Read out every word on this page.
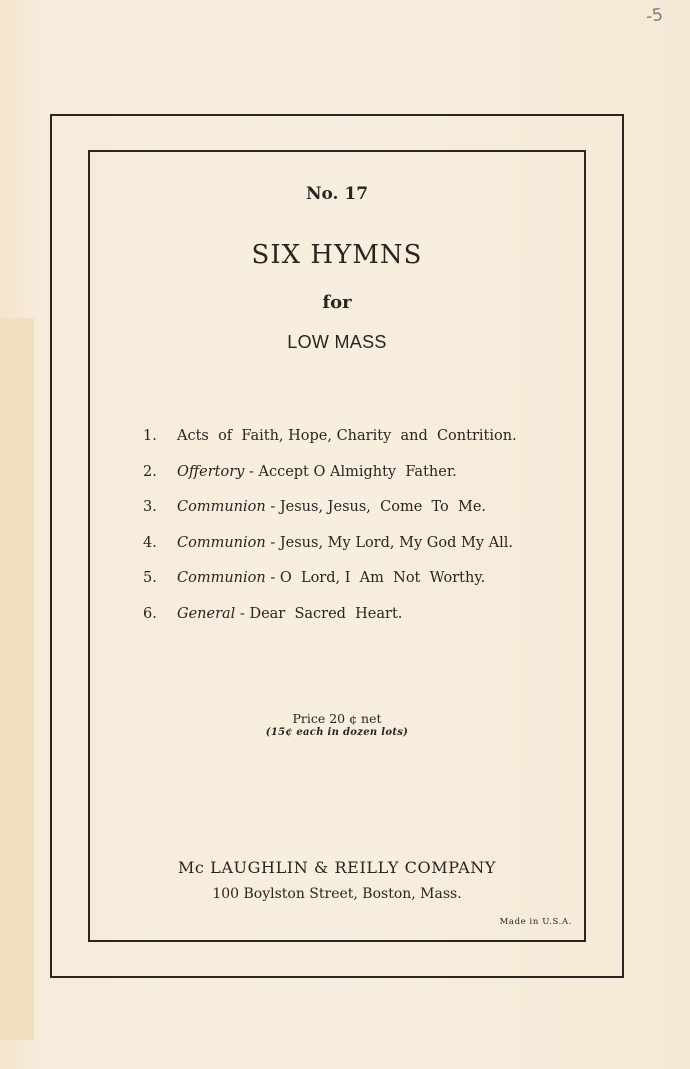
-5
No. 17
SIX HYMNS
for
LOW MASS
1. Acts  of  Faith, Hope, Charity  and  Contrition.
2. Offertory - Accept O Almighty  Father.
3. Communion - Jesus, Jesus,  Come  To  Me.
4. Communion - Jesus, My Lord, My God My All.
5. Communion - O  Lord, I  Am  Not  Worthy.
6. General - Dear  Sacred  Heart.
Price 20 ¢ net
(15¢ each in dozen lots)
Mc LAUGHLIN & REILLY COMPANY
100 Boylston Street, Boston, Mass.
Made in U.S.A.
